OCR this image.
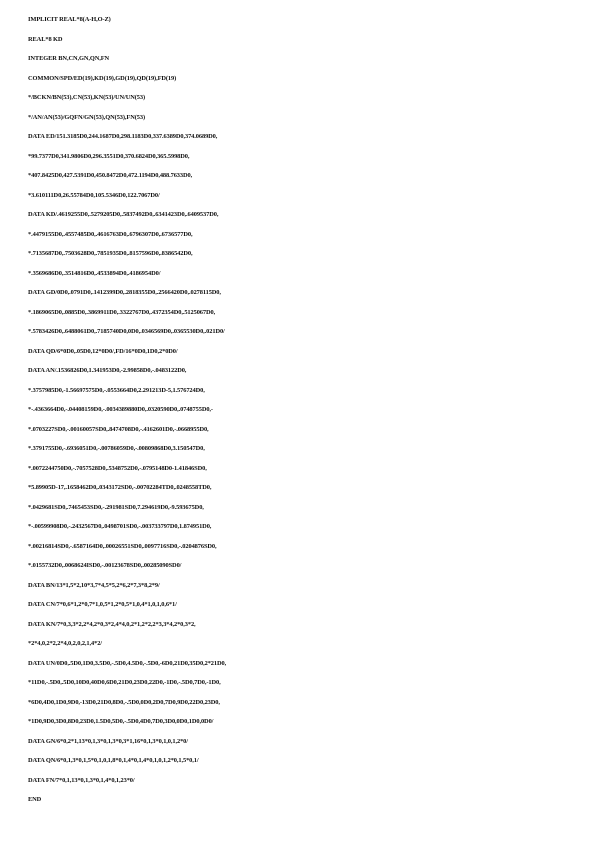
IMPLICIT REAL*8(A-H,O-Z)

REAL*8 KD

INTEGER BN,CN,GN,QN,FN

COMMON/SPD/ED(19),KD(19),GD(19),QD(19),FD(19)

*/BCKN/BN(53),CN(53),KN(53)/UN/UN(53)

*/AN/AN(53)/GQFN/GN(53),QN(53),FN(53)

DATA ED/151.3185D0,244.1687D0,298.1183D0,337.6389D0,374.0689D0,

*99.7377D0,341.9806D0,296.3551D0,370.6824D0,365.5998D0,

*407.8425D0,427.5391D0,450.8472D0,472.1194D0,488.7633D0,

*3.610111D0,26.55784D0,105.5346D0,122.7067D0/

DATA KD/.4619255D0,.5279205D0,.5837492D0,.6341423D0,.6409537D0,

*.4479155D0,.4557485D0,.4616763D0,.6796307D0,.6736577D0,

*.7135687D0,.7503628D0,.7851935D0,.8157596D0,.8386542D0,

*.3569686D0,.3514816D0,.4533894D0,.4186954D0/

DATA GD/0D0,.0791D0,.1412399D0,.2818355D0,.2566420D0,.0278115D0,

*.1869065D0,.0885D0,.3869911D0,.3322767D0,.4372354D0,.5125067D0,

*.5783426D0,.6488061D0,.7185740D0,0D0,.0346569D0,.0365530D0,.021D0/

DATA QD/6*0D0,.05D0,12*0D0/,FD/16*0D0,1D0,2*0D0/

DATA AN/.1536826D0,1.341953D0,-2.99858D0,-.0483122D0,

*.3757985D0,-1.56697575D0,-.0553664D0,2.291213D-5,1.576724D0,

*-.4363664D0,-.04408159D0,-.0034389880D0,.0320590D0,.0748755D0,-

*.0703227SD0,-.00160057SD0,.8474708D0,-.4162601D0,-.0668955D0,

*.3791755D0,-.6936051D0,-.00786059D0,-.00809868D0,3.150547D0,

*.0072244750D0,-.7057528D0,.5348752D0,-.0795148D0-1.41846SD0,

*5.89905D-17,.1658462D0,.0343172SD0,-.00702284TD0,.0248558TD0,

*.0429681SD0,.7465453SD0,-.291981SD0,7.294619D0,-9.593675D0,

*-.00599908D0,-.2432567D0,.0498701SD0,-.003733797D0,1.874951D0,

*.00216814SD0,-.6587164D0,.00026551SD0,.0097716SD0,-.0204876SD0,

*.0155732D0,.0068624ISD0,-.00123678SD0,.00285090SD0/

DATA BN/13*1,5*2,10*3,7*4,5*5,2*6,2*7,3*8,2*9/

DATA CN/7*0,6*1,2*0,7*1,0,5*1,2*0,5*1,0,4*1,0,1,0,6*1/

DATA KN/7*0,3,3*2,2*4,2*0,3*2,4*4,0,2*1,2*2,2*3,3*4,2*0,3*2,

*2*4,0,2*2,2*4,0,2,0,2,1,4*2/

DATA UN/0D0,.5D0,1D0,3.5D0,-.5D0,4.5D0,-.5D0,-6D0,21D0,35D0,2*21D0,

*11D0,-.5D0,.5D0,10D0,40D0,6D0,21D0,23D0,22D0,-1D0,-.5D0,7D0,-1D0,

*6D0,4D0,1D0,9D0,-13D0,21D0,8D0,-.5D0,0D0,2D0,7D0,9D0,22D0,23D0,

*1D0,9D0,3D0,8D0,23D0,1.5D0,5D0,-.5D0,4D0,7D0,3D0,0D0,1D0,0D0/

DATA GN/6*0,2*1,13*0,1,3*0,1,3*0,3*1,16*0,1,3*0,1,0,1,2*0/

DATA QN/6*0,1,3*0,1,5*0,1,0,1,8*0,1,4*0,1,4*0,1,0,1,2*0,1,5*0,1/

DATA FN/7*0,1,13*0,1,3*0,1,4*0,1,23*0/

END
